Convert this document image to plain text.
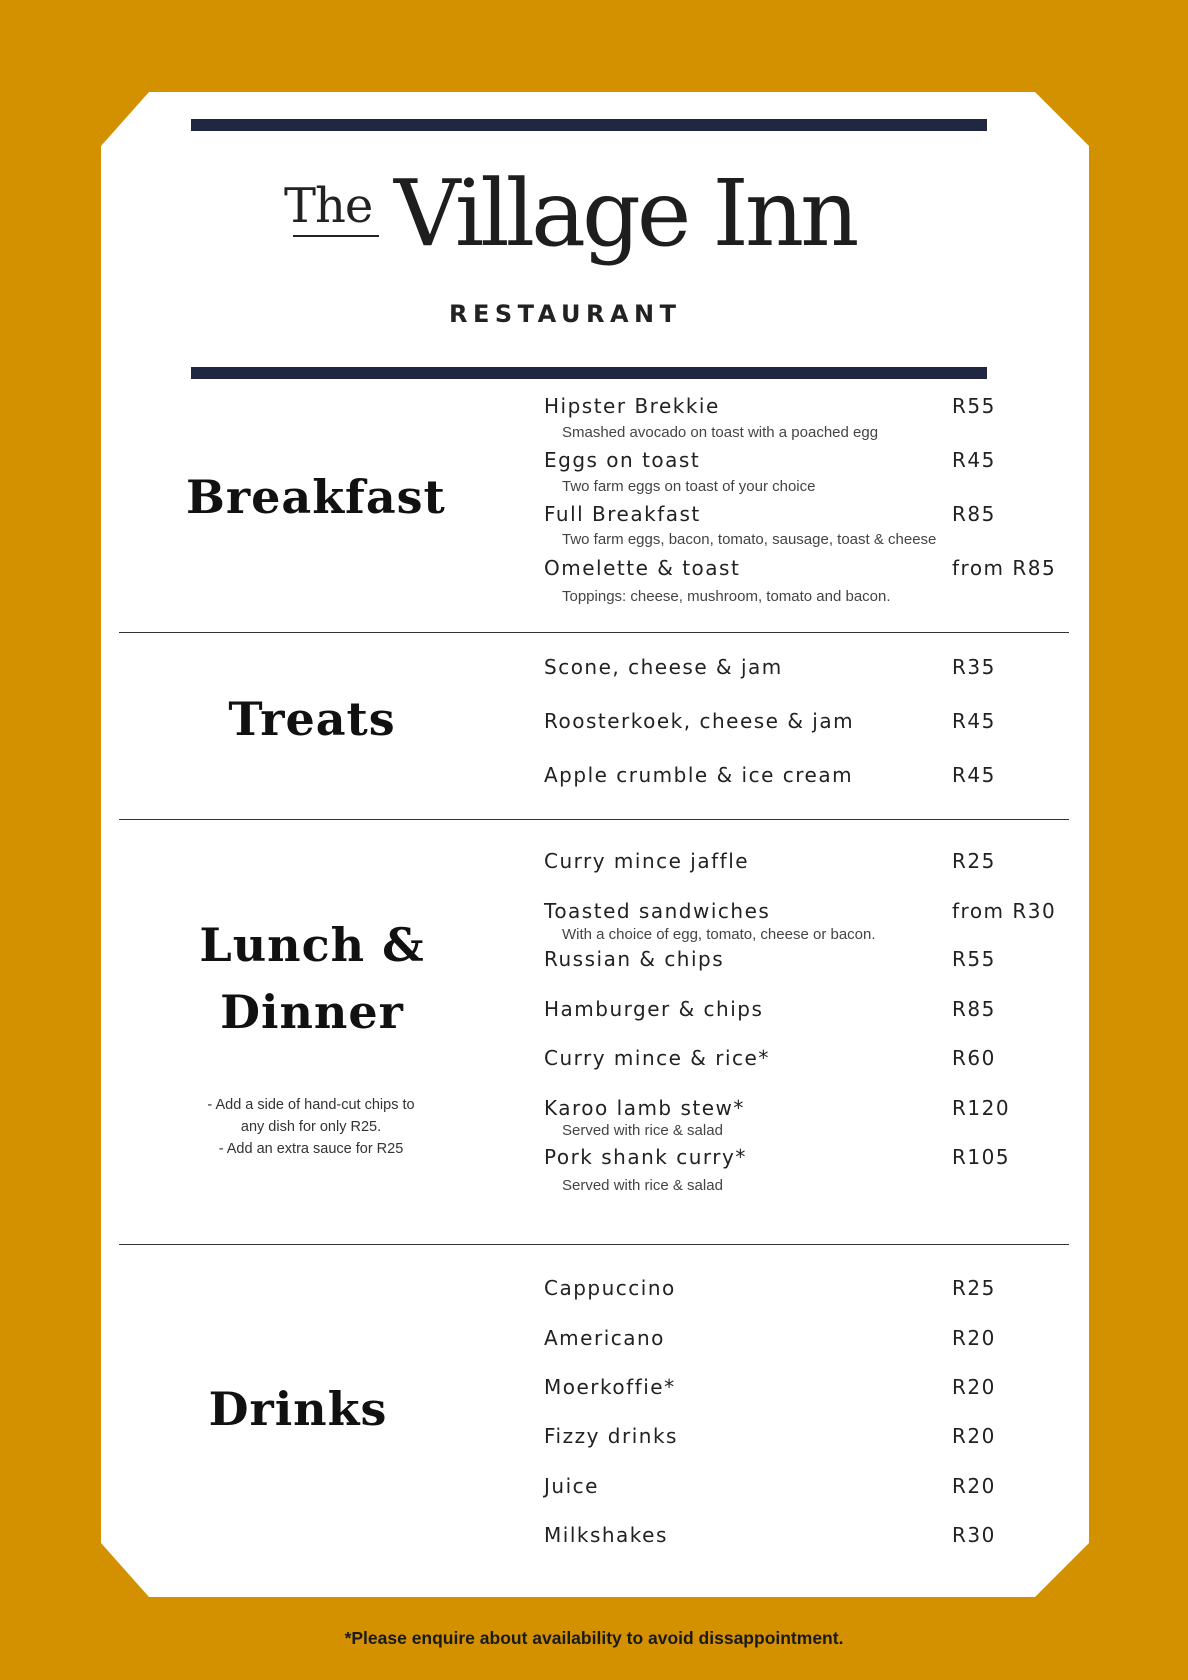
The Village Inn
RESTAURANT
Breakfast
Hipster Brekkie	R55
Smashed avocado on toast with a poached egg
Eggs on toast	R45
Two farm eggs on toast of your choice
Full Breakfast	R85
Two farm eggs, bacon, tomato, sausage, toast & cheese
Omelette & toast	from R85
Toppings: cheese, mushroom, tomato and bacon.
Treats
Scone, cheese & jam	R35
Roosterkoek, cheese & jam	R45
Apple crumble & ice cream	R45
Lunch &
Dinner
- Add a side of hand-cut chips to
any dish for only R25.
- Add an extra sauce for R25
Curry mince jaffle	R25
Toasted sandwiches	from R30
With a choice of egg, tomato, cheese or bacon.
Russian & chips	R55
Hamburger & chips	R85
Curry mince & rice*	R60
Karoo lamb stew*	R120
Served with rice & salad
Pork shank curry*	R105
Served with rice & salad
Drinks
Cappuccino	R25
Americano	R20
Moerkoffie*	R20
Fizzy drinks	R20
Juice	R20
Milkshakes	R30
*Please enquire about availability to avoid dissappointment.
